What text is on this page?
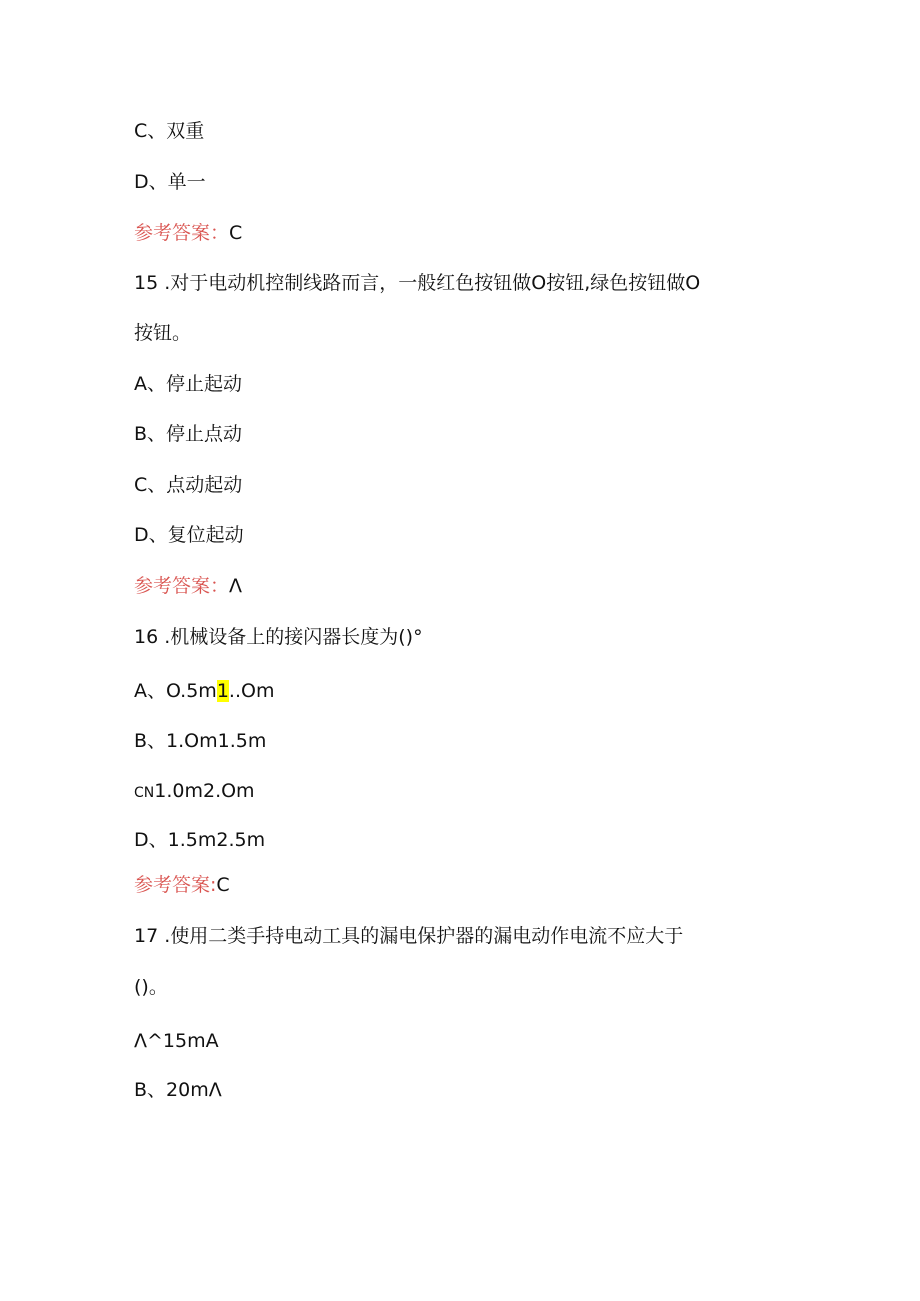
C、双重
D、单一
参考答案：C
15 .对于电动机控制线路而言，一般红色按钮做O按钮,绿色按钮做O
按钮。
A、停止起动
B、停止点动
C、点动起动
D、复位起动
参考答案：Λ
16 .机械设备上的接闪器长度为()°
A、O.5m1..Om
B、1.Om1.5m
CN1.0m2.Om
D、1.5m2.5m
参考答案:C
17 .使用二类手持电动工具的漏电保护器的漏电动作电流不应大于
()。
Λ^15mA
B、20mΛ
